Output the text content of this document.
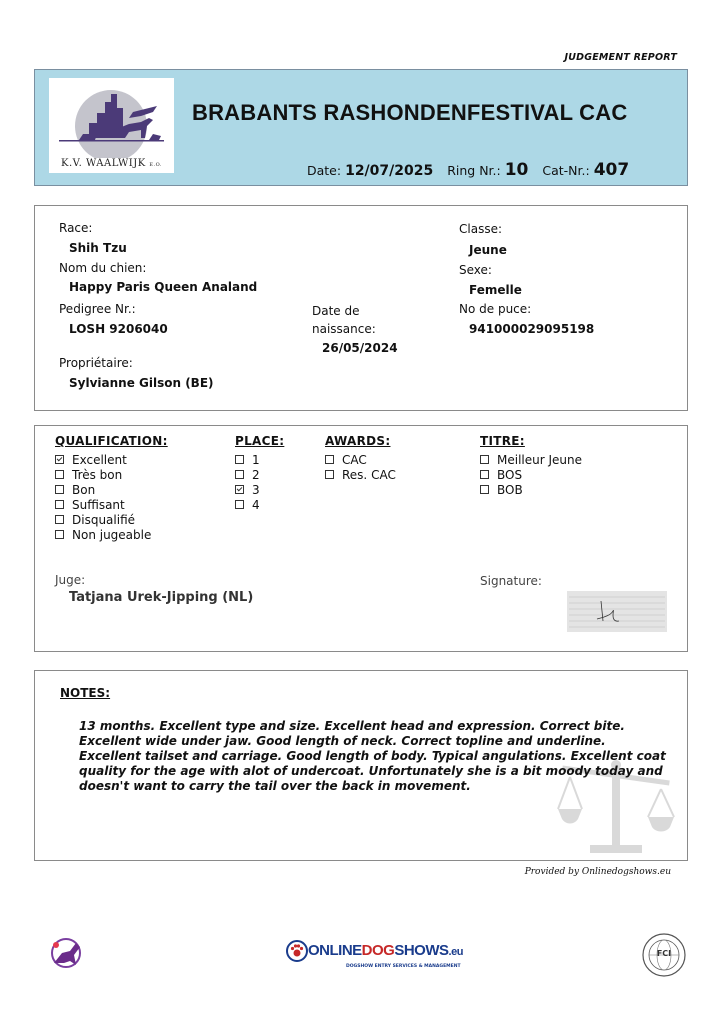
JUDGEMENT REPORT
K.V. WAALWIJK E.O.
BRABANTS RASHONDENFESTIVAL CAC
Date: 12/07/2025 Ring Nr.: 10 Cat-Nr.: 407
Race:
Shih Tzu
Nom du chien:
Happy Paris Queen Analand
Pedigree Nr.:
LOSH 9206040
Propriétaire:
Sylvianne Gilson (BE)
Date de
naissance:
26/05/2024
Classe:
Jeune
Sexe:
Femelle
No de puce:
941000029095198
QUALIFICATION:
Excellent
Très bon
Bon
Suffisant
Disqualifié
Non jugeable
PLACE:
1
2
3
4
AWARDS:
CAC
Res. CAC
TITRE:
Meilleur Jeune
BOS
BOB
Juge:
Tatjana Urek-Jipping (NL)
Signature:
NOTES:
13 months. Excellent type and size. Excellent head and expression. Correct bite.
Excellent wide under jaw. Good length of neck. Correct topline and underline.
Excellent tailset and carriage. Good length of body. Typical angulations. Excellent coat
quality for the age with alot of undercoat. Unfortunately she is a bit moody today and
doesn't want to carry the tail over the back in movement.
Provided by Onlinedogshows.eu
ONLINEDOGSHOWS.eu
DOGSHOW ENTRY SERVICES & MANAGEMENT
FCI
